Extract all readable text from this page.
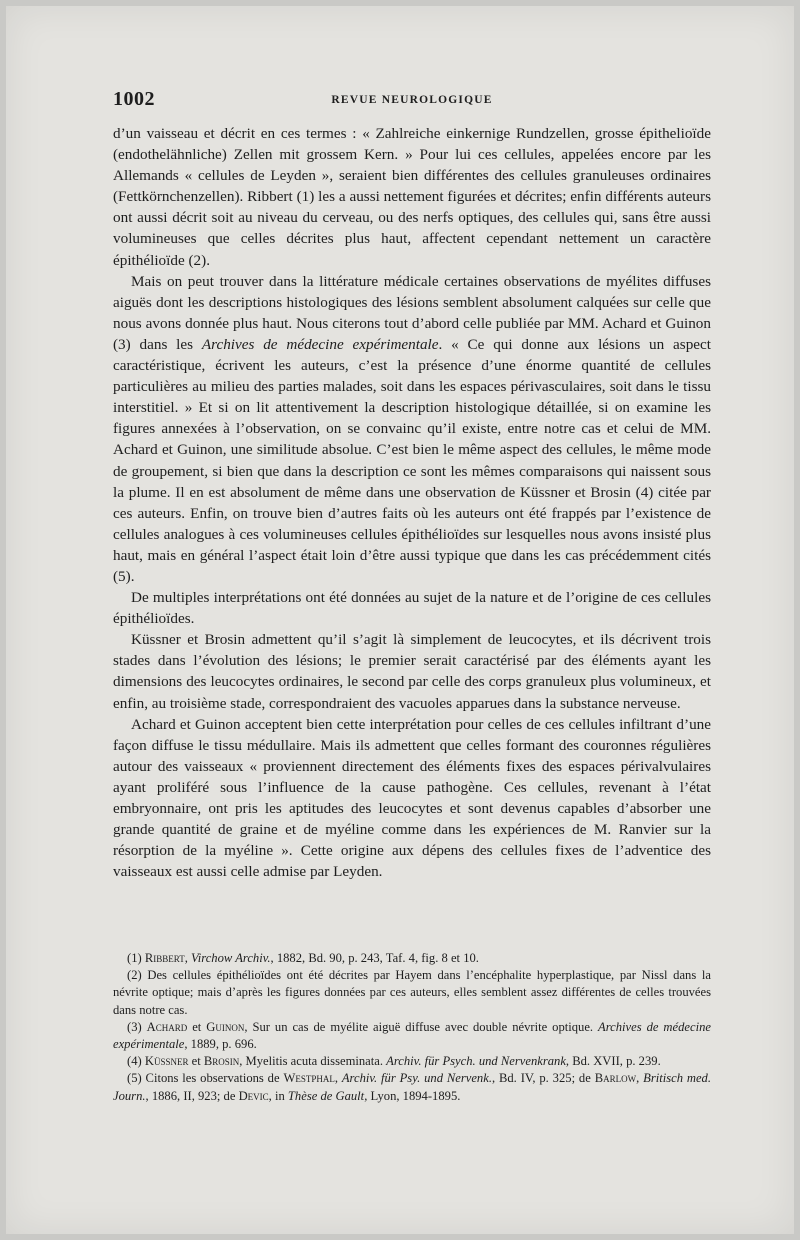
1002	REVUE NEUROLOGIQUE

d’un vaisseau et décrit en ces termes : « Zahlreiche einkernige Rundzellen, grosse épithelioïde (endothelähnliche) Zellen mit grossem Kern. » Pour lui ces cellules, appelées encore par les Allemands « cellules de Leyden », seraient bien différentes des cellules granuleuses ordinaires (Fettkörnchenzellen). Ribbert (1) les a aussi nettement figurées et décrites; enfin différents auteurs ont aussi décrit soit au niveau du cerveau, ou des nerfs optiques, des cellules qui, sans être aussi volumineuses que celles décrites plus haut, affectent cependant nettement un caractère épithélioïde (2).

Mais on peut trouver dans la littérature médicale certaines observations de myélites diffuses aiguës dont les descriptions histologiques des lésions semblent absolument calquées sur celle que nous avons donnée plus haut. Nous citerons tout d’abord celle publiée par MM. Achard et Guinon (3) dans les Archives de médecine expérimentale. « Ce qui donne aux lésions un aspect caractéristique, écrivent les auteurs, c’est la présence d’une énorme quantité de cellules particulières au milieu des parties malades, soit dans les espaces périvasculaires, soit dans le tissu interstitiel. » Et si on lit attentivement la description histologique détaillée, si on examine les figures annexées à l’observation, on se convainc qu’il existe, entre notre cas et celui de MM. Achard et Guinon, une similitude absolue. C’est bien le même aspect des cellules, le même mode de groupement, si bien que dans la description ce sont les mêmes comparaisons qui naissent sous la plume. Il en est absolument de même dans une observation de Küssner et Brosin (4) citée par ces auteurs. Enfin, on trouve bien d’autres faits où les auteurs ont été frappés par l’existence de cellules analogues à ces volumineuses cellules épithélioïdes sur lesquelles nous avons insisté plus haut, mais en général l’aspect était loin d’être aussi typique que dans les cas précédemment cités (5).

De multiples interprétations ont été données au sujet de la nature et de l’origine de ces cellules épithélioïdes.

Küssner et Brosin admettent qu’il s’agit là simplement de leucocytes, et ils décrivent trois stades dans l’évolution des lésions; le premier serait caractérisé par des éléments ayant les dimensions des leucocytes ordinaires, le second par celle des corps granuleux plus volumineux, et enfin, au troisième stade, correspondraient des vacuoles apparues dans la substance nerveuse.

Achard et Guinon acceptent bien cette interprétation pour celles de ces cellules infiltrant d’une façon diffuse le tissu médullaire. Mais ils admettent que celles formant des couronnes régulières autour des vaisseaux « proviennent directement des éléments fixes des espaces périvalvulaires ayant proliféré sous l’influence de la cause pathogène. Ces cellules, revenant à l’état embryonnaire, ont pris les aptitudes des leucocytes et sont devenus capables d’absorber une grande quantité de graine et de myéline comme dans les expériences de M. Ranvier sur la résorption de la myéline ». Cette origine aux dépens des cellules fixes de l’adventice des vaisseaux est aussi celle admise par Leyden.

(1) Ribbert, Virchow Archiv., 1882, Bd. 90, p. 243, Taf. 4, fig. 8 et 10.

(2) Des cellules épithélioïdes ont été décrites par Hayem dans l’encéphalite hyperplastique, par Nissl dans la névrite optique; mais d’après les figures données par ces auteurs, elles semblent assez différentes de celles trouvées dans notre cas.

(3) Achard et Guinon, Sur un cas de myélite aiguë diffuse avec double névrite optique. Archives de médecine expérimentale, 1889, p. 696.

(4) Küssner et Brosin, Myelitis acuta disseminata. Archiv. für Psych. und Nervenkrank, Bd. XVII, p. 239.

(5) Citons les observations de Westphal, Archiv. für Psy. und Nervenk., Bd. IV, p. 325; de Barlow, Britisch med. Journ., 1886, II, 923; de Devic, in Thèse de Gault, Lyon, 1894-1895.
